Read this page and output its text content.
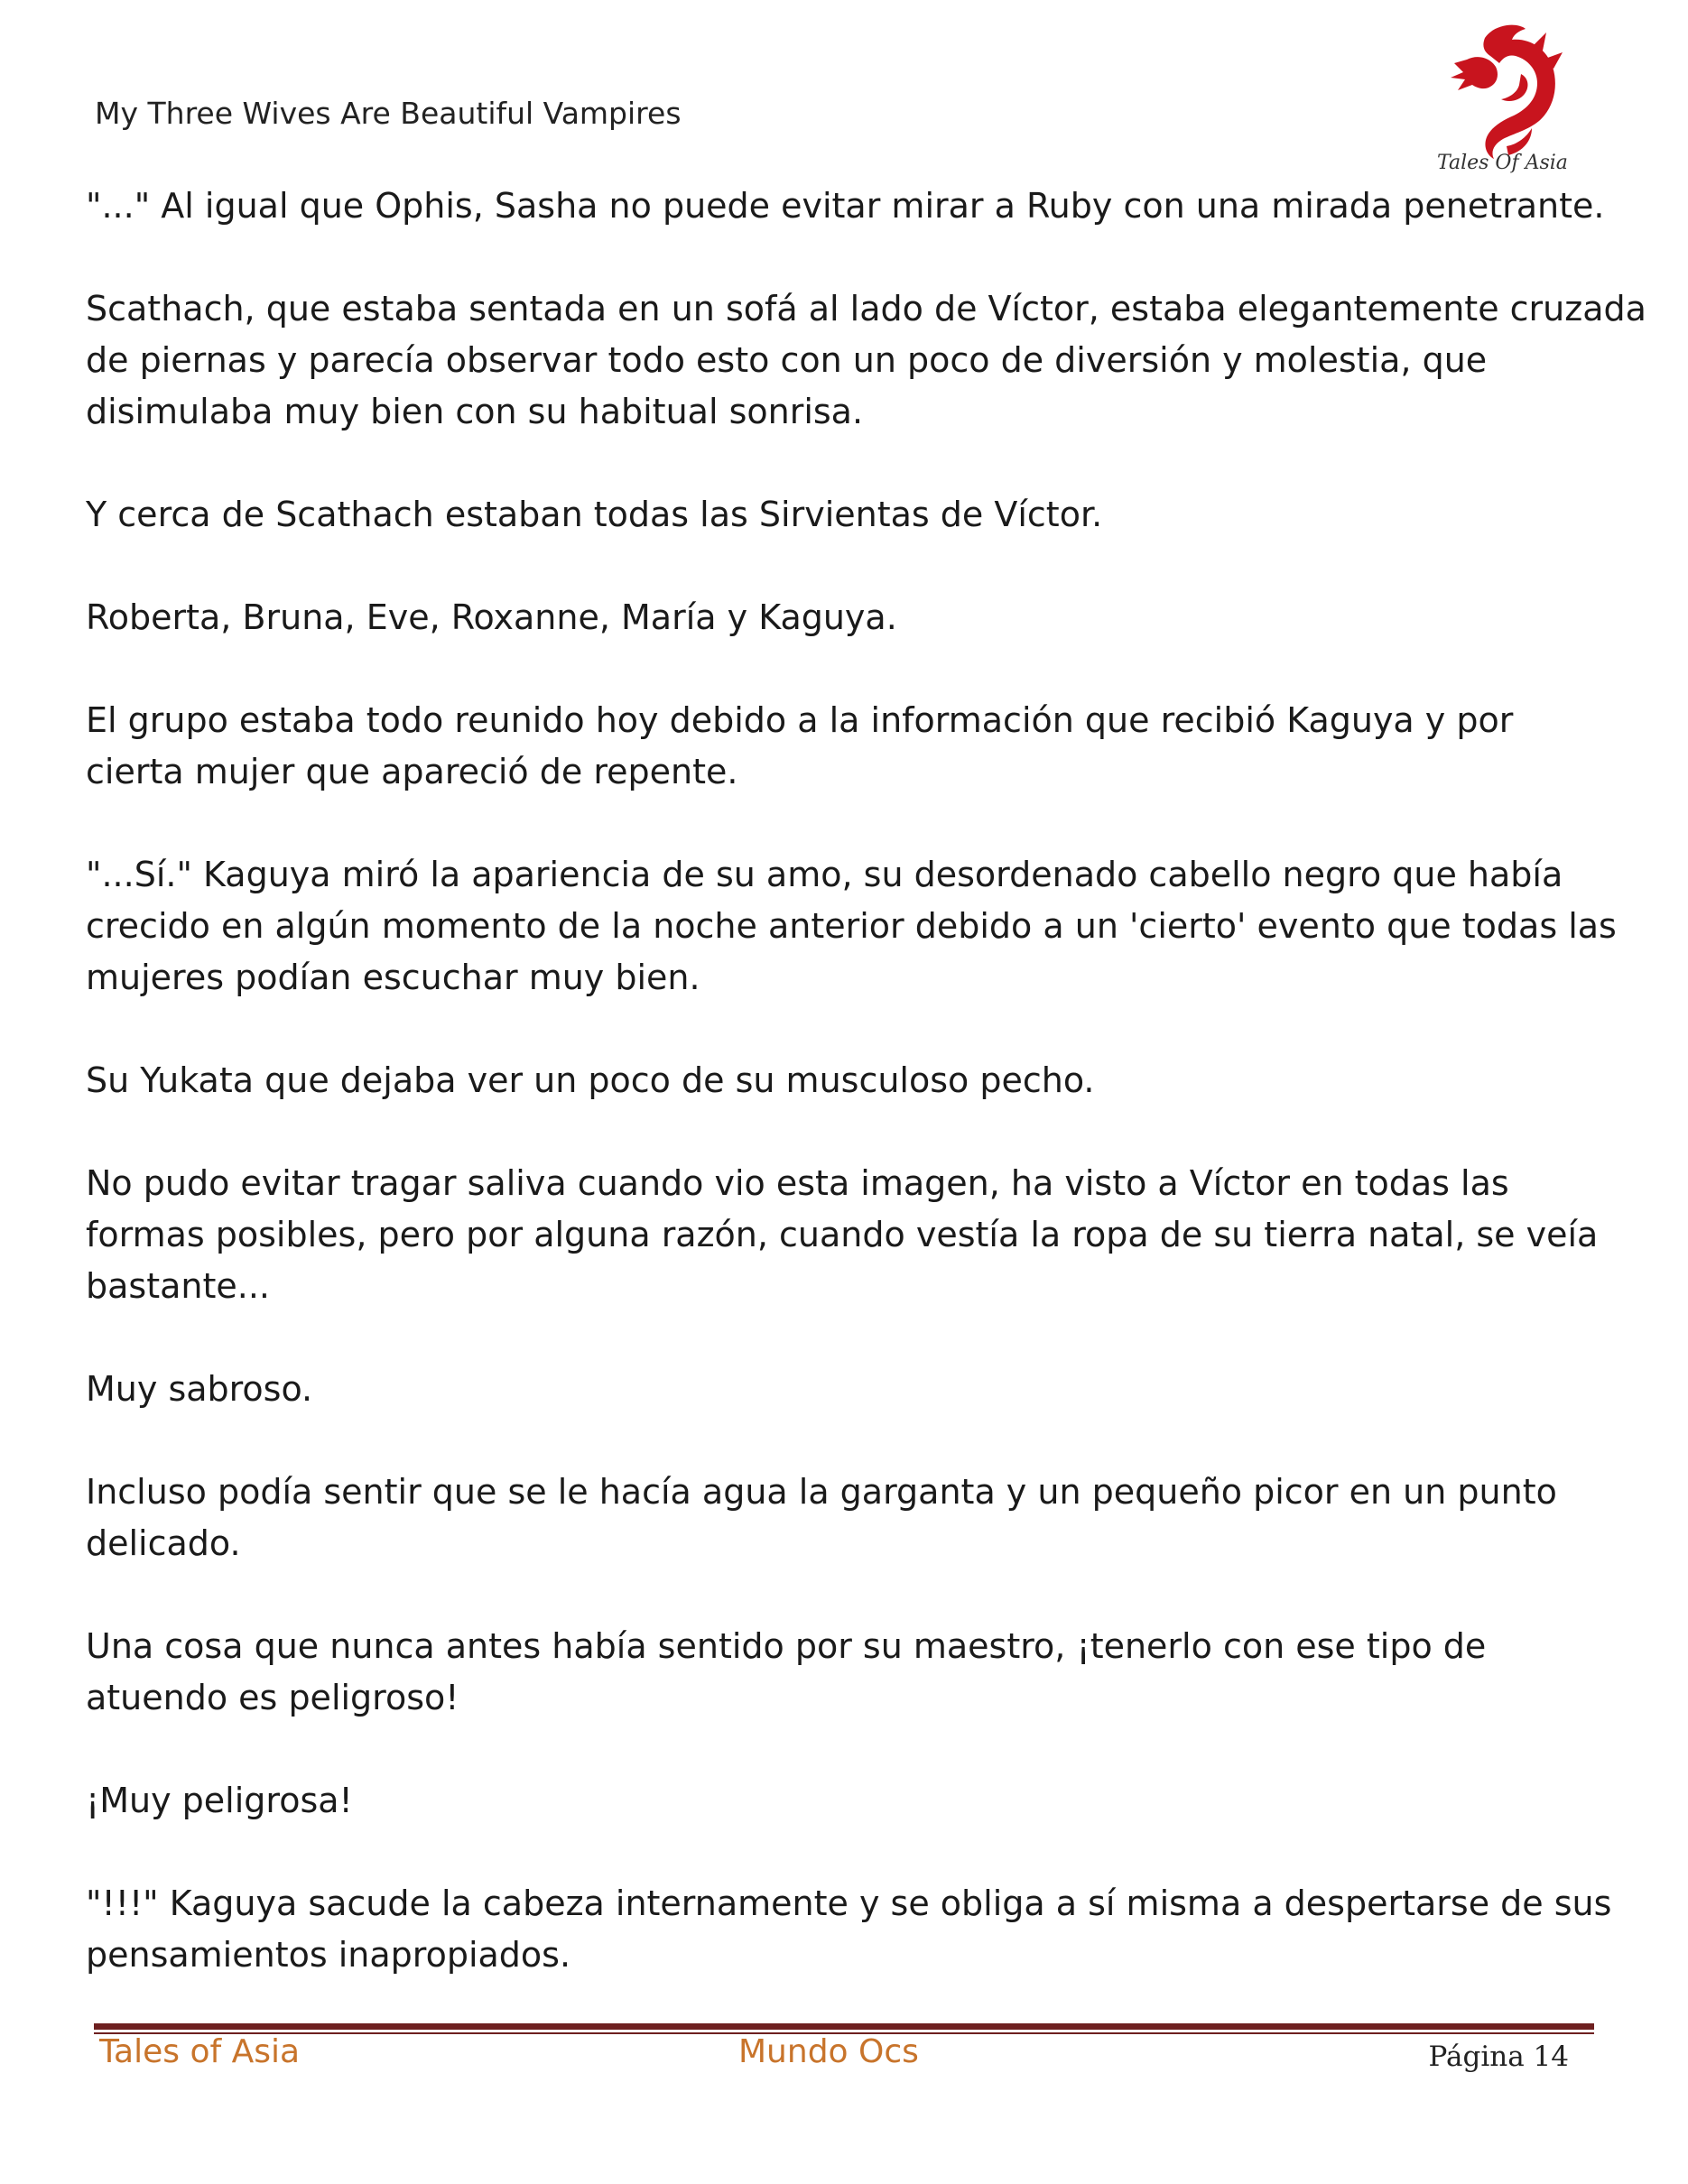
My Three Wives Are Beautiful Vampires
Tales Of Asia

"..." Al igual que Ophis, Sasha no puede evitar mirar a Ruby con una mirada penetrante.

Scathach, que estaba sentada en un sofá al lado de Víctor, estaba elegantemente cruzada
de piernas y parecía observar todo esto con un poco de diversión y molestia, que
disimulaba muy bien con su habitual sonrisa.

Y cerca de Scathach estaban todas las Sirvientas de Víctor.

Roberta, Bruna, Eve, Roxanne, María y Kaguya.

El grupo estaba todo reunido hoy debido a la información que recibió Kaguya y por
cierta mujer que apareció de repente.

"...Sí." Kaguya miró la apariencia de su amo, su desordenado cabello negro que había
crecido en algún momento de la noche anterior debido a un 'cierto' evento que todas las
mujeres podían escuchar muy bien.

Su Yukata que dejaba ver un poco de su musculoso pecho.

No pudo evitar tragar saliva cuando vio esta imagen, ha visto a Víctor en todas las
formas posibles, pero por alguna razón, cuando vestía la ropa de su tierra natal, se veía
bastante...

Muy sabroso.

Incluso podía sentir que se le hacía agua la garganta y un pequeño picor en un punto
delicado.

Una cosa que nunca antes había sentido por su maestro, ¡tenerlo con ese tipo de
atuendo es peligroso!

¡Muy peligrosa!

"!!!" Kaguya sacude la cabeza internamente y se obliga a sí misma a despertarse de sus
pensamientos inapropiados.

Tales of Asia	Mundo Ocs	Página 14
